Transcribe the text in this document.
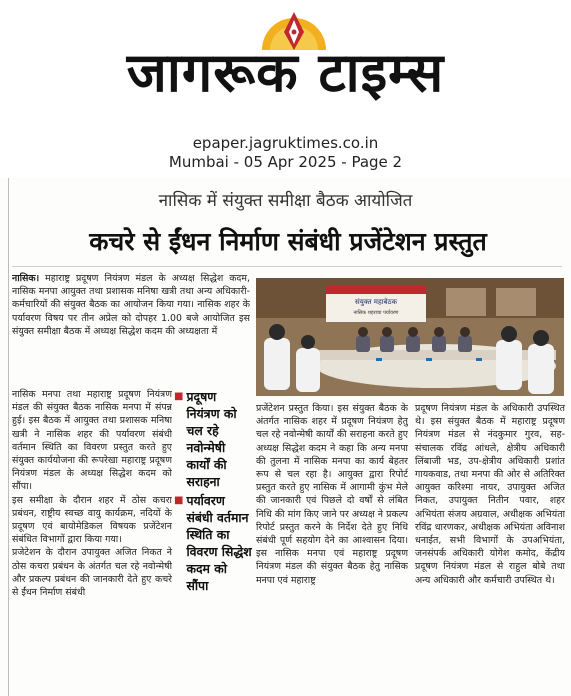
जागरूक टाइम्स
epaper.jagruktimes.co.in
Mumbai - 05 Apr 2025 - Page 2
नासिक में संयुक्त समीक्षा बैठक आयोजित
कचरे से ईंधन निर्माण संबंधी प्रजेंटेशन प्रस्तुत

नासिक। महाराष्ट्र प्रदूषण नियंत्रण मंडल के अध्यक्ष सिद्धेश कदम, नासिक मनपा आयुक्त तथा प्रशासक मनिषा खत्री तथा अन्य अधिकारी-कर्मचारियों की संयुक्त बैठक का आयोजन किया गया। नासिक शहर के पर्यावरण विषय पर तीन अप्रेल को दोपहर 1.00 बजे आयोजित इस संयुक्त समीक्षा बैठक में अध्यक्ष सिद्धेश कदम की अध्यक्षता में

नासिक मनपा तथा महाराष्ट्र प्रदूषण नियंत्रण मंडल की संयुक्त बैठक नासिक मनपा में संपन्न हुई। इस बैठक में आयुक्त तथा प्रशासक मनिषा खत्री ने नासिक शहर की पर्यावरण संबंधी वर्तमान स्थिति का विवरण प्रस्तुत करते हुए संयुक्त कार्ययोजना की रूपरेखा महाराष्ट्र प्रदूषण नियंत्रण मंडल के अध्यक्ष सिद्धेश कदम को सौंपा।

इस समीक्षा के दौरान शहर में ठोस कचरा प्रबंधन, राष्ट्रीय स्वच्छ वायु कार्यक्रम, नदियों के प्रदूषण एवं बायोमेडिकल विषयक प्रजेंटेशन संबंधित विभागों द्वारा किया गया।

प्रजेटेशन के दौरान उपायुक्त अजित निकत ने ठोस कचरा प्रबंधन के अंतर्गत चल रहे नवोन्मेषी और प्रकल्प प्रबंधन की जानकारी देते हुए कचरे से ईंधन निर्माण संबंधी

■ प्रदूषण नियंत्रण को चल रहे नवोन्मेषी कार्यों की सराहना
■ पर्यावरण संबंधी वर्तमान स्थिति का विवरण सिद्धेश कदम को सौंपा
संयुक्त महाबेठक
नासिक शहराचा पर्यावरण

प्रजेंटेशन प्रस्तुत किया। इस संयुक्त बैठक के अंतर्गत नासिक शहर में प्रदूषण नियंत्रण हेतु चल रहे नवोन्मेषी कार्यों की सराहना करते हुए अध्यक्ष सिद्धेश कदम ने कहा कि अन्य मनपा की तुलना में नासिक मनपा का कार्य बेहतर रूप से चल रहा है। आयुक्त द्वारा रिपोर्ट प्रस्तुत करते हुए नासिक में आगामी कुंभ मेले की जानकारी एवं पिछले दो वर्षों से लंबित निधि की मांग किए जाने पर अध्यक्ष ने प्रकल्प रिपोर्ट प्रस्तुत करने के निर्देश देते हुए निधि संबंधी पूर्ण सहयोग देने का आश्वासन दिया। इस नासिक मनपा एवं महाराष्ट्र प्रदूषण नियंत्रण मंडल की संयुक्त बैठक हेतु नासिक मनपा एवं महाराष्ट्र

प्रदूषण नियंत्रण मंडल के अधिकारी उपस्थित थे। इस संयुक्त बैठक में महाराष्ट्र प्रदूषण नियंत्रण मंडल से नंदकुमार गुरव, सह-संचालक रविंद्र आंधले, क्षेत्रीय अधिकारी लिंबाजी भड, उप-क्षेत्रीय अधिकारी प्रशांत गायकवाड, तथा मनपा की ओर से अतिरिक्त आयुक्त करिश्मा नायर, उपायुक्त अजित निकत, उपायुक्त नितीन पवार, शहर अभियंता संजय अग्रवाल, अधीक्षक अभियंता रविंद्र धारणकर, अधीक्षक अभियंता अविनाश धनाईत, सभी विभागों के उपअभियंता, जनसंपर्क अधिकारी योगेश कमोद, केंद्रीय प्रदूषण नियंत्रण मंडल से राहुल बोबे तथा अन्य अधिकारी और कर्मचारी उपस्थित थे।
